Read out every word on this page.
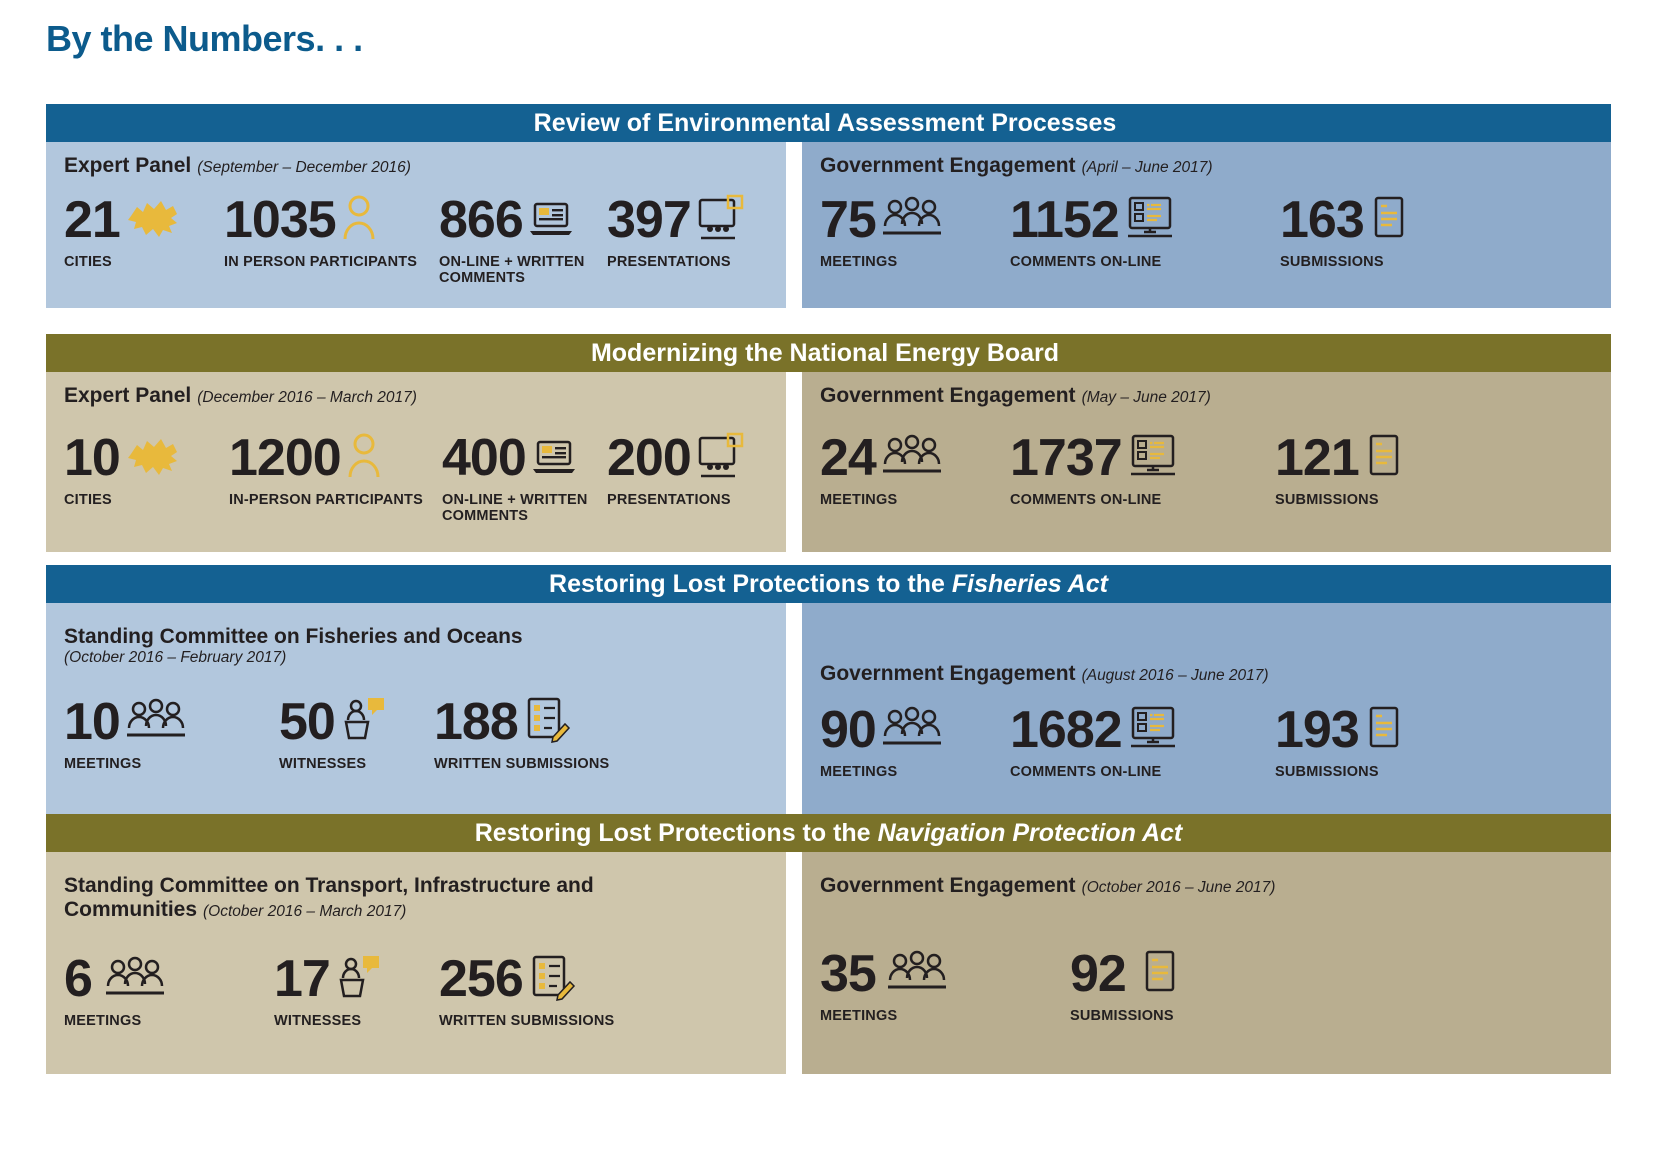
By the Numbers. . .
Review of Environmental Assessment Processes
Expert Panel (September – December 2016)
21
CITIES
1035
IN PERSON PARTICIPANTS
866
ON-LINE + WRITTEN COMMENTS
397
PRESENTATIONS
Government Engagement (April – June 2017)
75
MEETINGS
1152
COMMENTS ON-LINE
163
SUBMISSIONS
Modernizing the National Energy Board
Expert Panel (December 2016 – March 2017)
10
CITIES
1200
IN-PERSON PARTICIPANTS
400
ON-LINE + WRITTEN COMMENTS
200
PRESENTATIONS
Government Engagement (May – June 2017)
24
MEETINGS
1737
COMMENTS ON-LINE
121
SUBMISSIONS
Restoring Lost Protections to the Fisheries Act
Standing Committee on Fisheries and Oceans
(October 2016 – February 2017)
10
MEETINGS
50
WITNESSES
188
WRITTEN SUBMISSIONS
Government Engagement (August 2016 – June 2017)
90
MEETINGS
1682
COMMENTS ON-LINE
193
SUBMISSIONS
Restoring Lost Protections to the Navigation Protection Act
Standing Committee on Transport, Infrastructure and Communities (October 2016 – March 2017)
6
MEETINGS
17
WITNESSES
256
WRITTEN SUBMISSIONS
Government Engagement (October 2016 – June 2017)
35
MEETINGS
92
SUBMISSIONS
